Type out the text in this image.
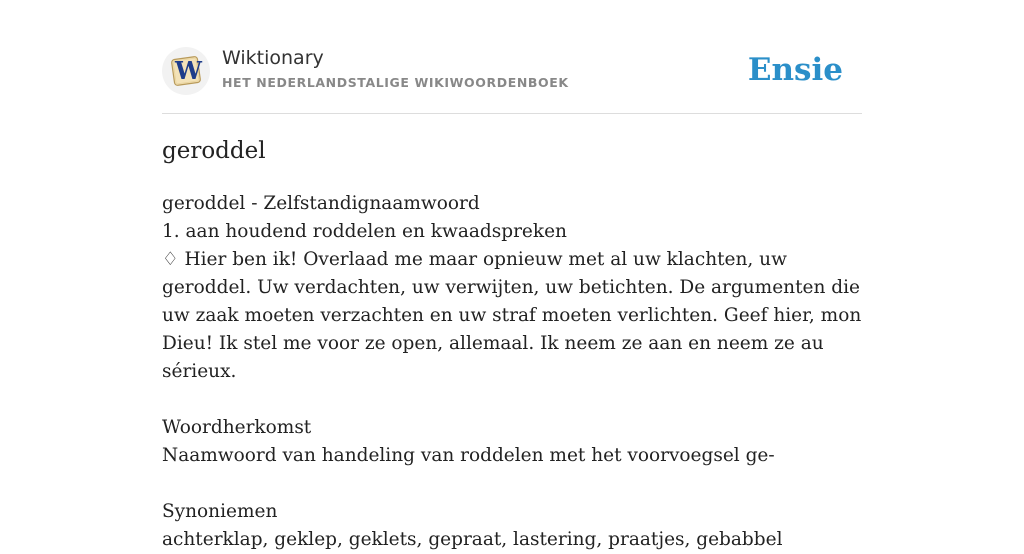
W Wiktionary
HET NEDERLANDSTALIGE WIKIWOORDENBOEK	Ensie
geroddel

geroddel - Zelfstandignaamwoord

1. aan houdend roddelen en kwaadspreken

♢ Hier ben ik! Overlaad me maar opnieuw met al uw klachten, uw geroddel. Uw verdachten, uw verwijten, uw betichten. De argumenten die uw zaak moeten verzachten en uw straf moeten verlichten. Geef hier, mon Dieu! Ik stel me voor ze open, allemaal. Ik neem ze aan en neem ze au sérieux.

Woordherkomst

Naamwoord van handeling van roddelen met het voorvoegsel ge-

Synoniemen

achterklap, geklep, geklets, gepraat, lastering, praatjes, gebabbel
